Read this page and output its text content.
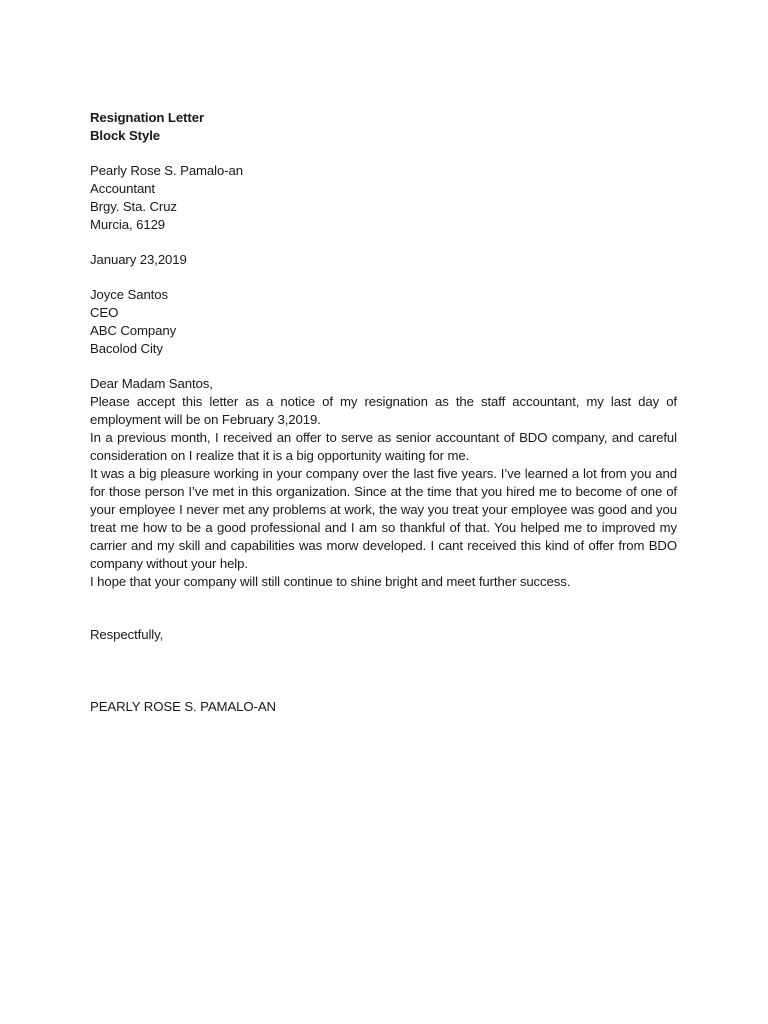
Resignation Letter
Block Style
Pearly Rose S. Pamalo-an
Accountant
Brgy. Sta. Cruz
Murcia, 6129
January 23,2019
Joyce Santos
CEO
ABC Company
Bacolod City
Dear Madam Santos,

Please accept this letter as a notice of my resignation as the staff accountant, my last day of employment will be on February 3,2019.

In a previous month, I received an offer to serve as senior accountant of BDO company, and careful consideration on I realize that it is a big opportunity waiting for me.

It was a big pleasure working in your company over the last five years. I’ve learned a lot from you and for those person I’ve met in this organization. Since at the time that you hired me to become of one of your employee I never met any problems at work, the way you treat your employee was good and you treat me how to be a good professional and I am so thankful of that. You helped me to improved my carrier and my skill and capabilities was morw developed. I cant received this kind of offer from BDO company without your help.

I hope that your company will still continue to shine bright and meet further success.

Respectfully,
PEARLY ROSE S. PAMALO-AN
